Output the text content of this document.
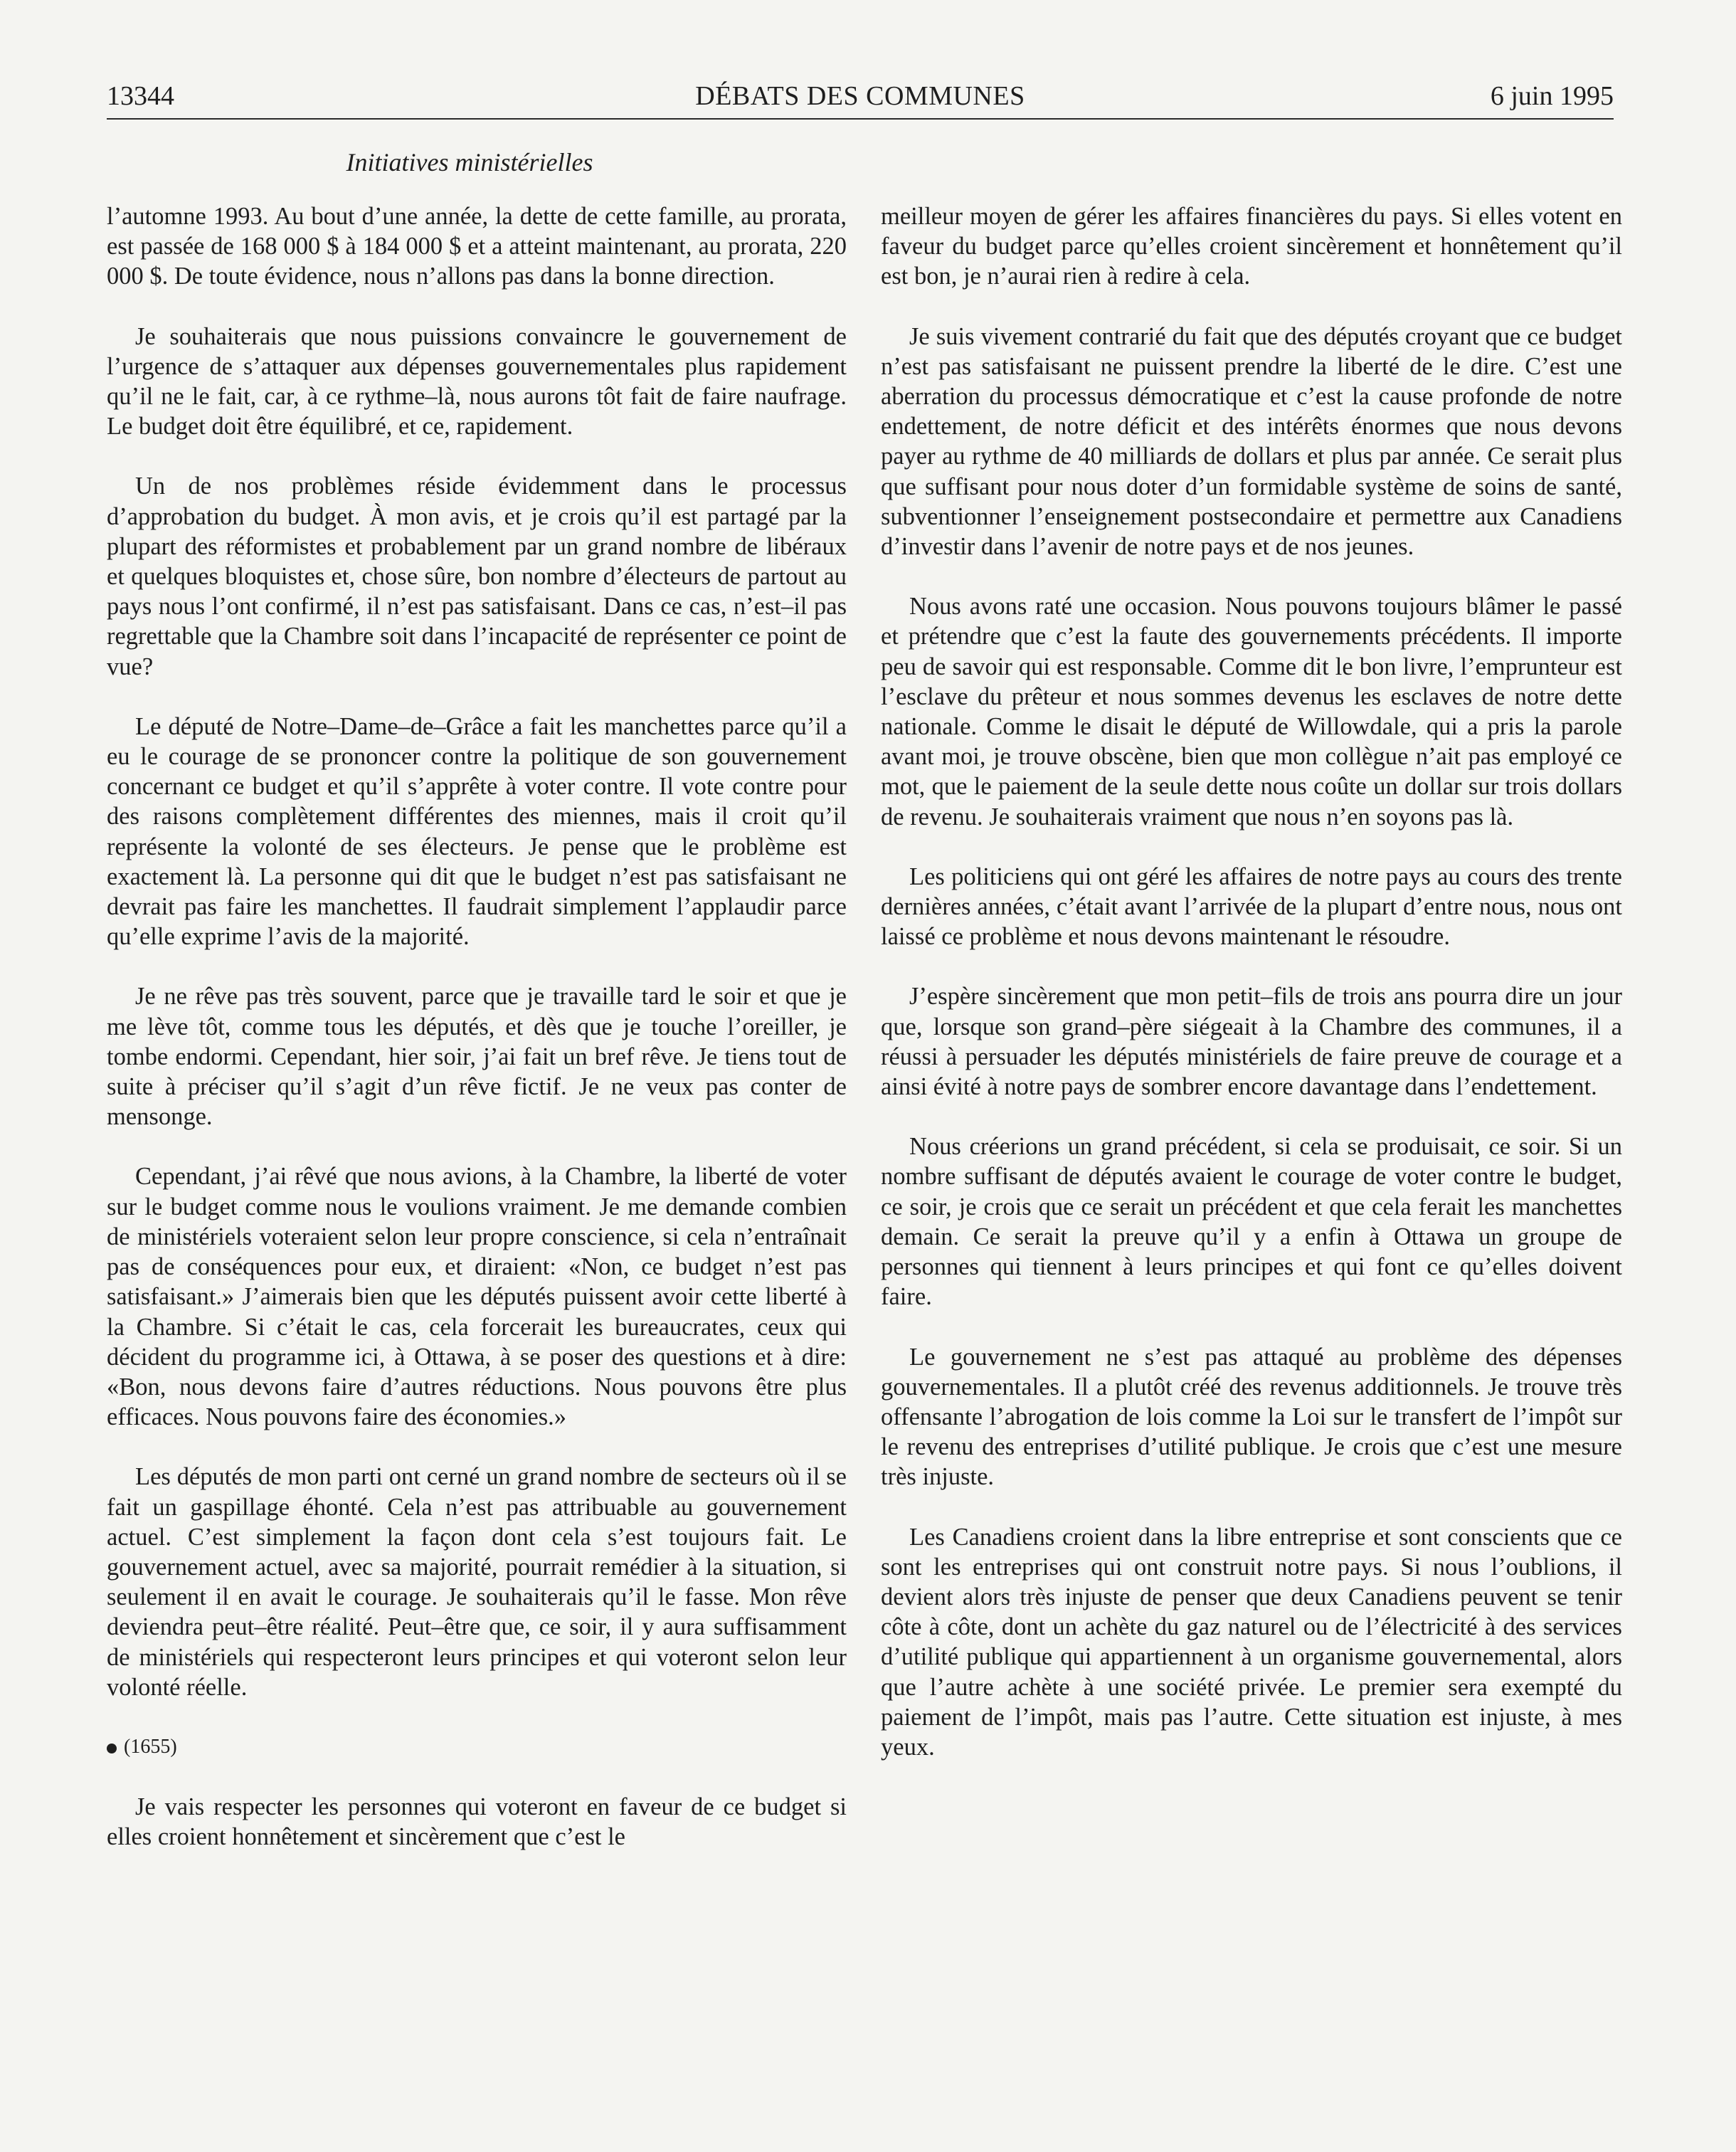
13344	DÉBATS DES COMMUNES	6 juin 1995
Initiatives ministérielles

l’automne 1993. Au bout d’une année, la dette de cette famille, au prorata, est passée de 168 000 $ à 184 000 $ et a atteint maintenant, au prorata, 220 000 $. De toute évidence, nous n’allons pas dans la bonne direction.

Je souhaiterais que nous puissions convaincre le gouvernement de l’urgence de s’attaquer aux dépenses gouvernementales plus rapidement qu’il ne le fait, car, à ce rythme–là, nous aurons tôt fait de faire naufrage. Le budget doit être équilibré, et ce, rapidement.

Un de nos problèmes réside évidemment dans le processus d’approbation du budget. À mon avis, et je crois qu’il est partagé par la plupart des réformistes et probablement par un grand nombre de libéraux et quelques bloquistes et, chose sûre, bon nombre d’électeurs de partout au pays nous l’ont confirmé, il n’est pas satisfaisant. Dans ce cas, n’est–il pas regrettable que la Chambre soit dans l’incapacité de représenter ce point de vue?

Le député de Notre–Dame–de–Grâce a fait les manchettes parce qu’il a eu le courage de se prononcer contre la politique de son gouvernement concernant ce budget et qu’il s’apprête à voter contre. Il vote contre pour des raisons complètement différentes des miennes, mais il croit qu’il représente la volonté de ses électeurs. Je pense que le problème est exactement là. La personne qui dit que le budget n’est pas satisfaisant ne devrait pas faire les manchettes. Il faudrait simplement l’applaudir parce qu’elle exprime l’avis de la majorité.

Je ne rêve pas très souvent, parce que je travaille tard le soir et que je me lève tôt, comme tous les députés, et dès que je touche l’oreiller, je tombe endormi. Cependant, hier soir, j’ai fait un bref rêve. Je tiens tout de suite à préciser qu’il s’agit d’un rêve fictif. Je ne veux pas conter de mensonge.

Cependant, j’ai rêvé que nous avions, à la Chambre, la liberté de voter sur le budget comme nous le voulions vraiment. Je me demande combien de ministériels voteraient selon leur propre conscience, si cela n’entraînait pas de conséquences pour eux, et diraient: «Non, ce budget n’est pas satisfaisant.» J’aimerais bien que les députés puissent avoir cette liberté à la Chambre. Si c’était le cas, cela forcerait les bureaucrates, ceux qui décident du programme ici, à Ottawa, à se poser des questions et à dire: «Bon, nous devons faire d’autres réductions. Nous pouvons être plus efficaces. Nous pouvons faire des économies.»

Les députés de mon parti ont cerné un grand nombre de secteurs où il se fait un gaspillage éhonté. Cela n’est pas attribuable au gouvernement actuel. C’est simplement la façon dont cela s’est toujours fait. Le gouvernement actuel, avec sa majorité, pourrait remédier à la situation, si seulement il en avait le courage. Je souhaiterais qu’il le fasse. Mon rêve deviendra peut–être réalité. Peut–être que, ce soir, il y aura suffisamment de ministériels qui respecteront leurs principes et qui voteront selon leur volonté réelle.

(1655)

Je vais respecter les personnes qui voteront en faveur de ce budget si elles croient honnêtement et sincèrement que c’est le

meilleur moyen de gérer les affaires financières du pays. Si elles votent en faveur du budget parce qu’elles croient sincèrement et honnêtement qu’il est bon, je n’aurai rien à redire à cela.

Je suis vivement contrarié du fait que des députés croyant que ce budget n’est pas satisfaisant ne puissent prendre la liberté de le dire. C’est une aberration du processus démocratique et c’est la cause profonde de notre endettement, de notre déficit et des intérêts énormes que nous devons payer au rythme de 40 milliards de dollars et plus par année. Ce serait plus que suffisant pour nous doter d’un formidable système de soins de santé, subventionner l’enseignement postsecondaire et permettre aux Canadiens d’investir dans l’avenir de notre pays et de nos jeunes.

Nous avons raté une occasion. Nous pouvons toujours blâmer le passé et prétendre que c’est la faute des gouvernements précédents. Il importe peu de savoir qui est responsable. Comme dit le bon livre, l’emprunteur est l’esclave du prêteur et nous sommes devenus les esclaves de notre dette nationale. Comme le disait le député de Willowdale, qui a pris la parole avant moi, je trouve obscène, bien que mon collègue n’ait pas employé ce mot, que le paiement de la seule dette nous coûte un dollar sur trois dollars de revenu. Je souhaiterais vraiment que nous n’en soyons pas là.

Les politiciens qui ont géré les affaires de notre pays au cours des trente dernières années, c’était avant l’arrivée de la plupart d’entre nous, nous ont laissé ce problème et nous devons maintenant le résoudre.

J’espère sincèrement que mon petit–fils de trois ans pourra dire un jour que, lorsque son grand–père siégeait à la Chambre des communes, il a réussi à persuader les députés ministériels de faire preuve de courage et a ainsi évité à notre pays de sombrer encore davantage dans l’endettement.

Nous créerions un grand précédent, si cela se produisait, ce soir. Si un nombre suffisant de députés avaient le courage de voter contre le budget, ce soir, je crois que ce serait un précédent et que cela ferait les manchettes demain. Ce serait la preuve qu’il y a enfin à Ottawa un groupe de personnes qui tiennent à leurs principes et qui font ce qu’elles doivent faire.

Le gouvernement ne s’est pas attaqué au problème des dépenses gouvernementales. Il a plutôt créé des revenus additionnels. Je trouve très offensante l’abrogation de lois comme la Loi sur le transfert de l’impôt sur le revenu des entreprises d’utilité publique. Je crois que c’est une mesure très injuste.

Les Canadiens croient dans la libre entreprise et sont conscients que ce sont les entreprises qui ont construit notre pays. Si nous l’oublions, il devient alors très injuste de penser que deux Canadiens peuvent se tenir côte à côte, dont un achète du gaz naturel ou de l’électricité à des services d’utilité publique qui appartiennent à un organisme gouvernemental, alors que l’autre achète à une société privée. Le premier sera exempté du paiement de l’impôt, mais pas l’autre. Cette situation est injuste, à mes yeux.
